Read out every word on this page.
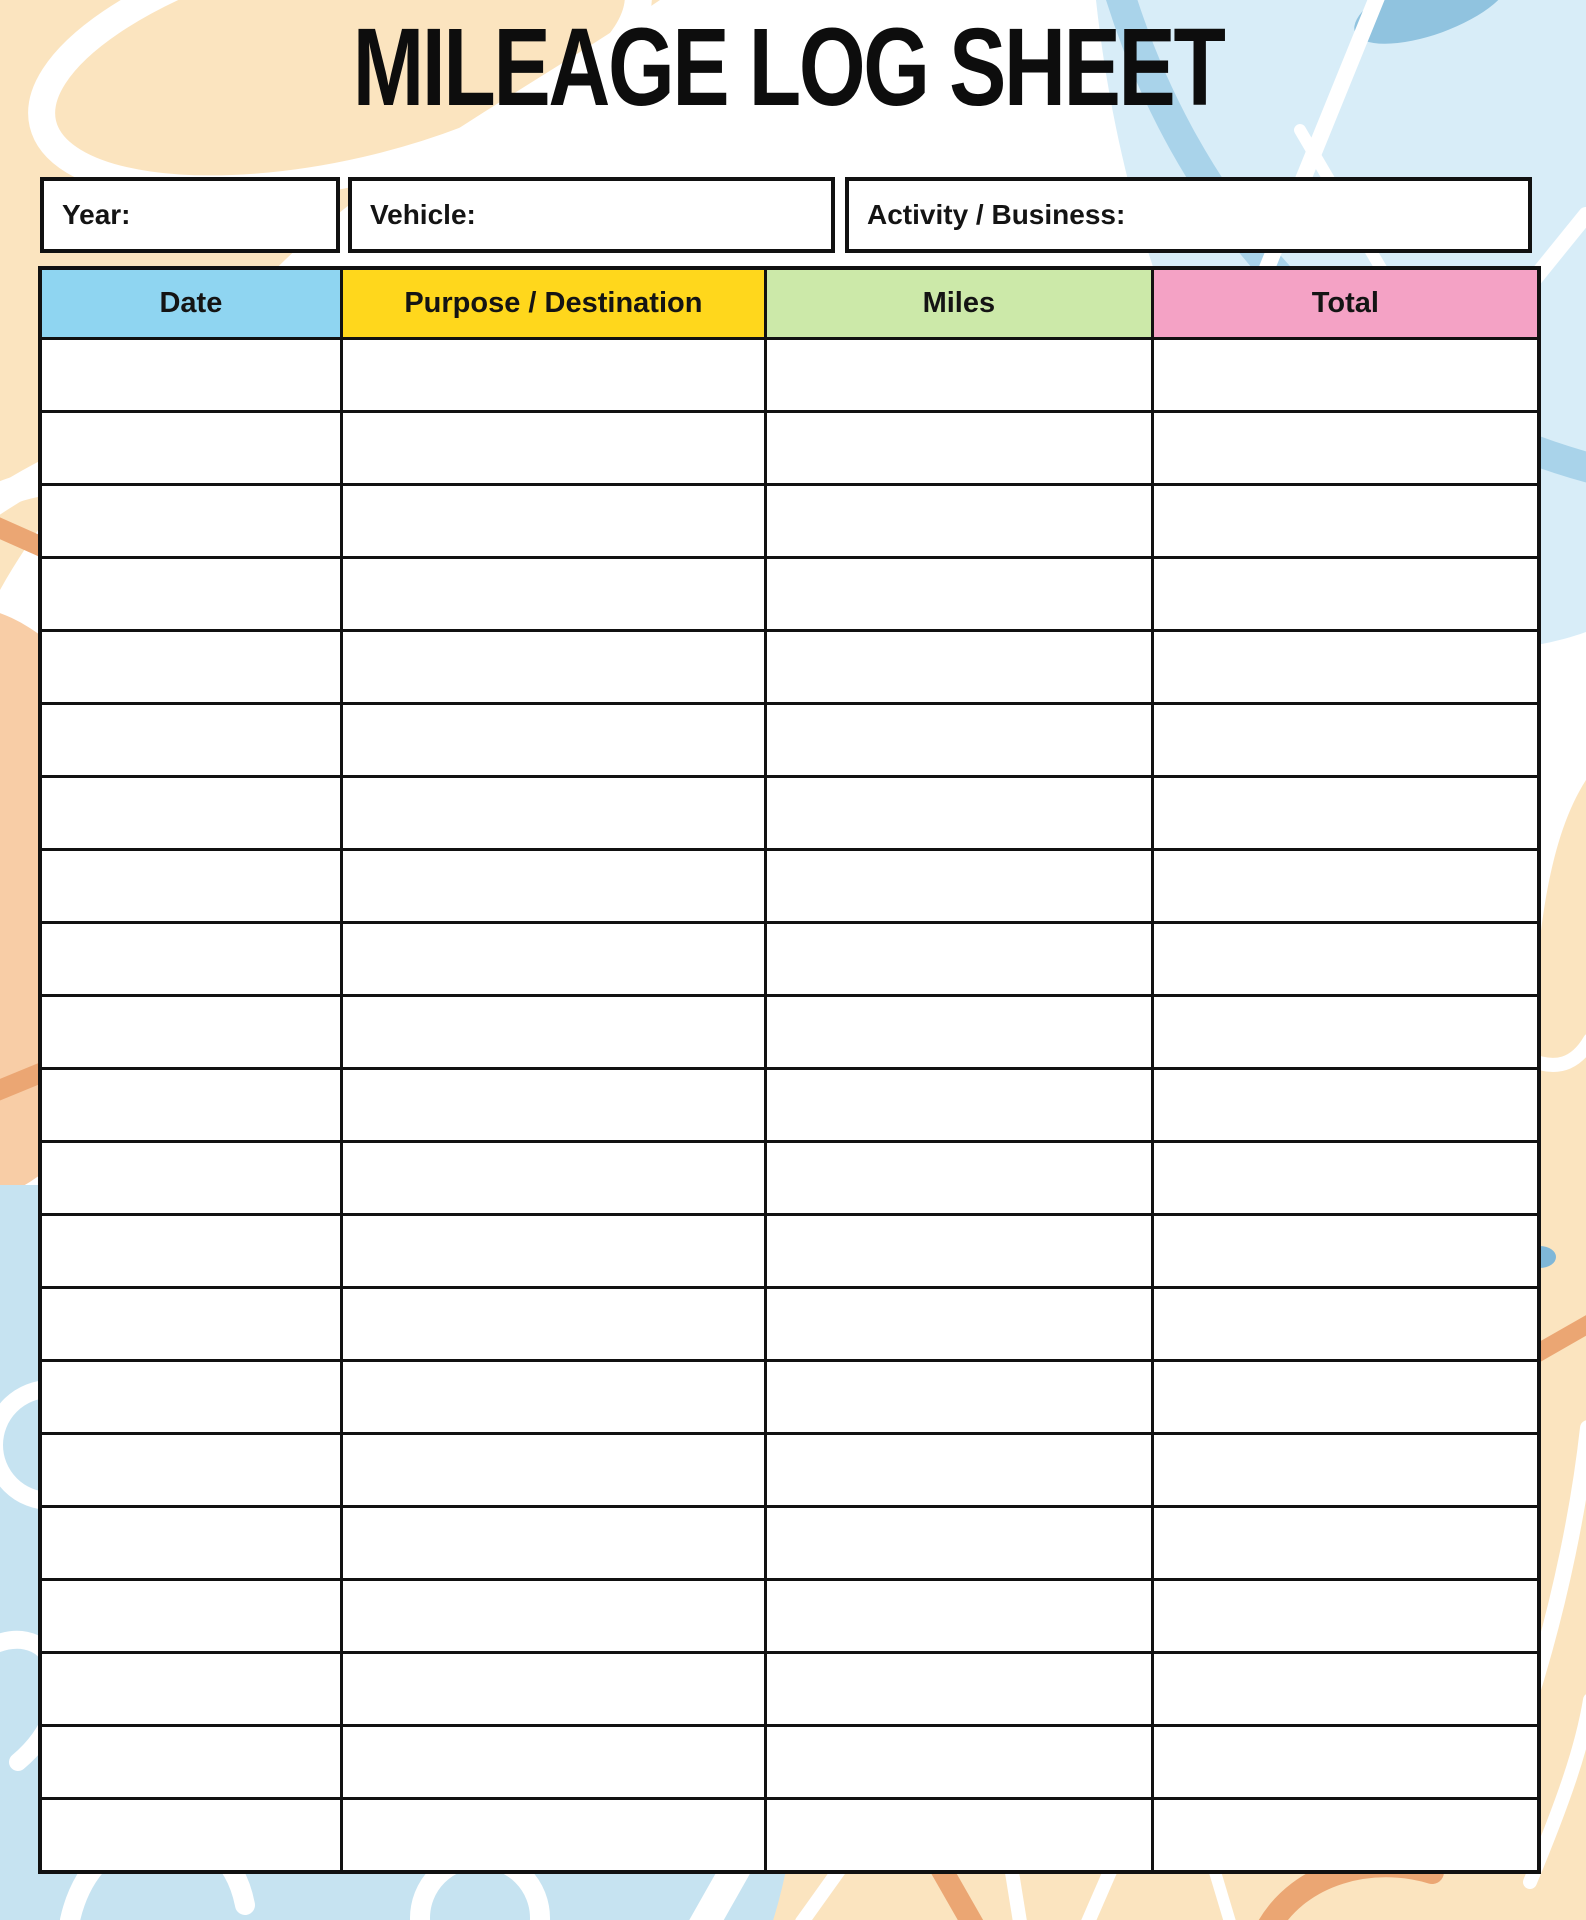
MILEAGE LOG SHEET
Year:	Vehicle:	Activity / Business:
Date	Purpose / Destination	Miles	Total
